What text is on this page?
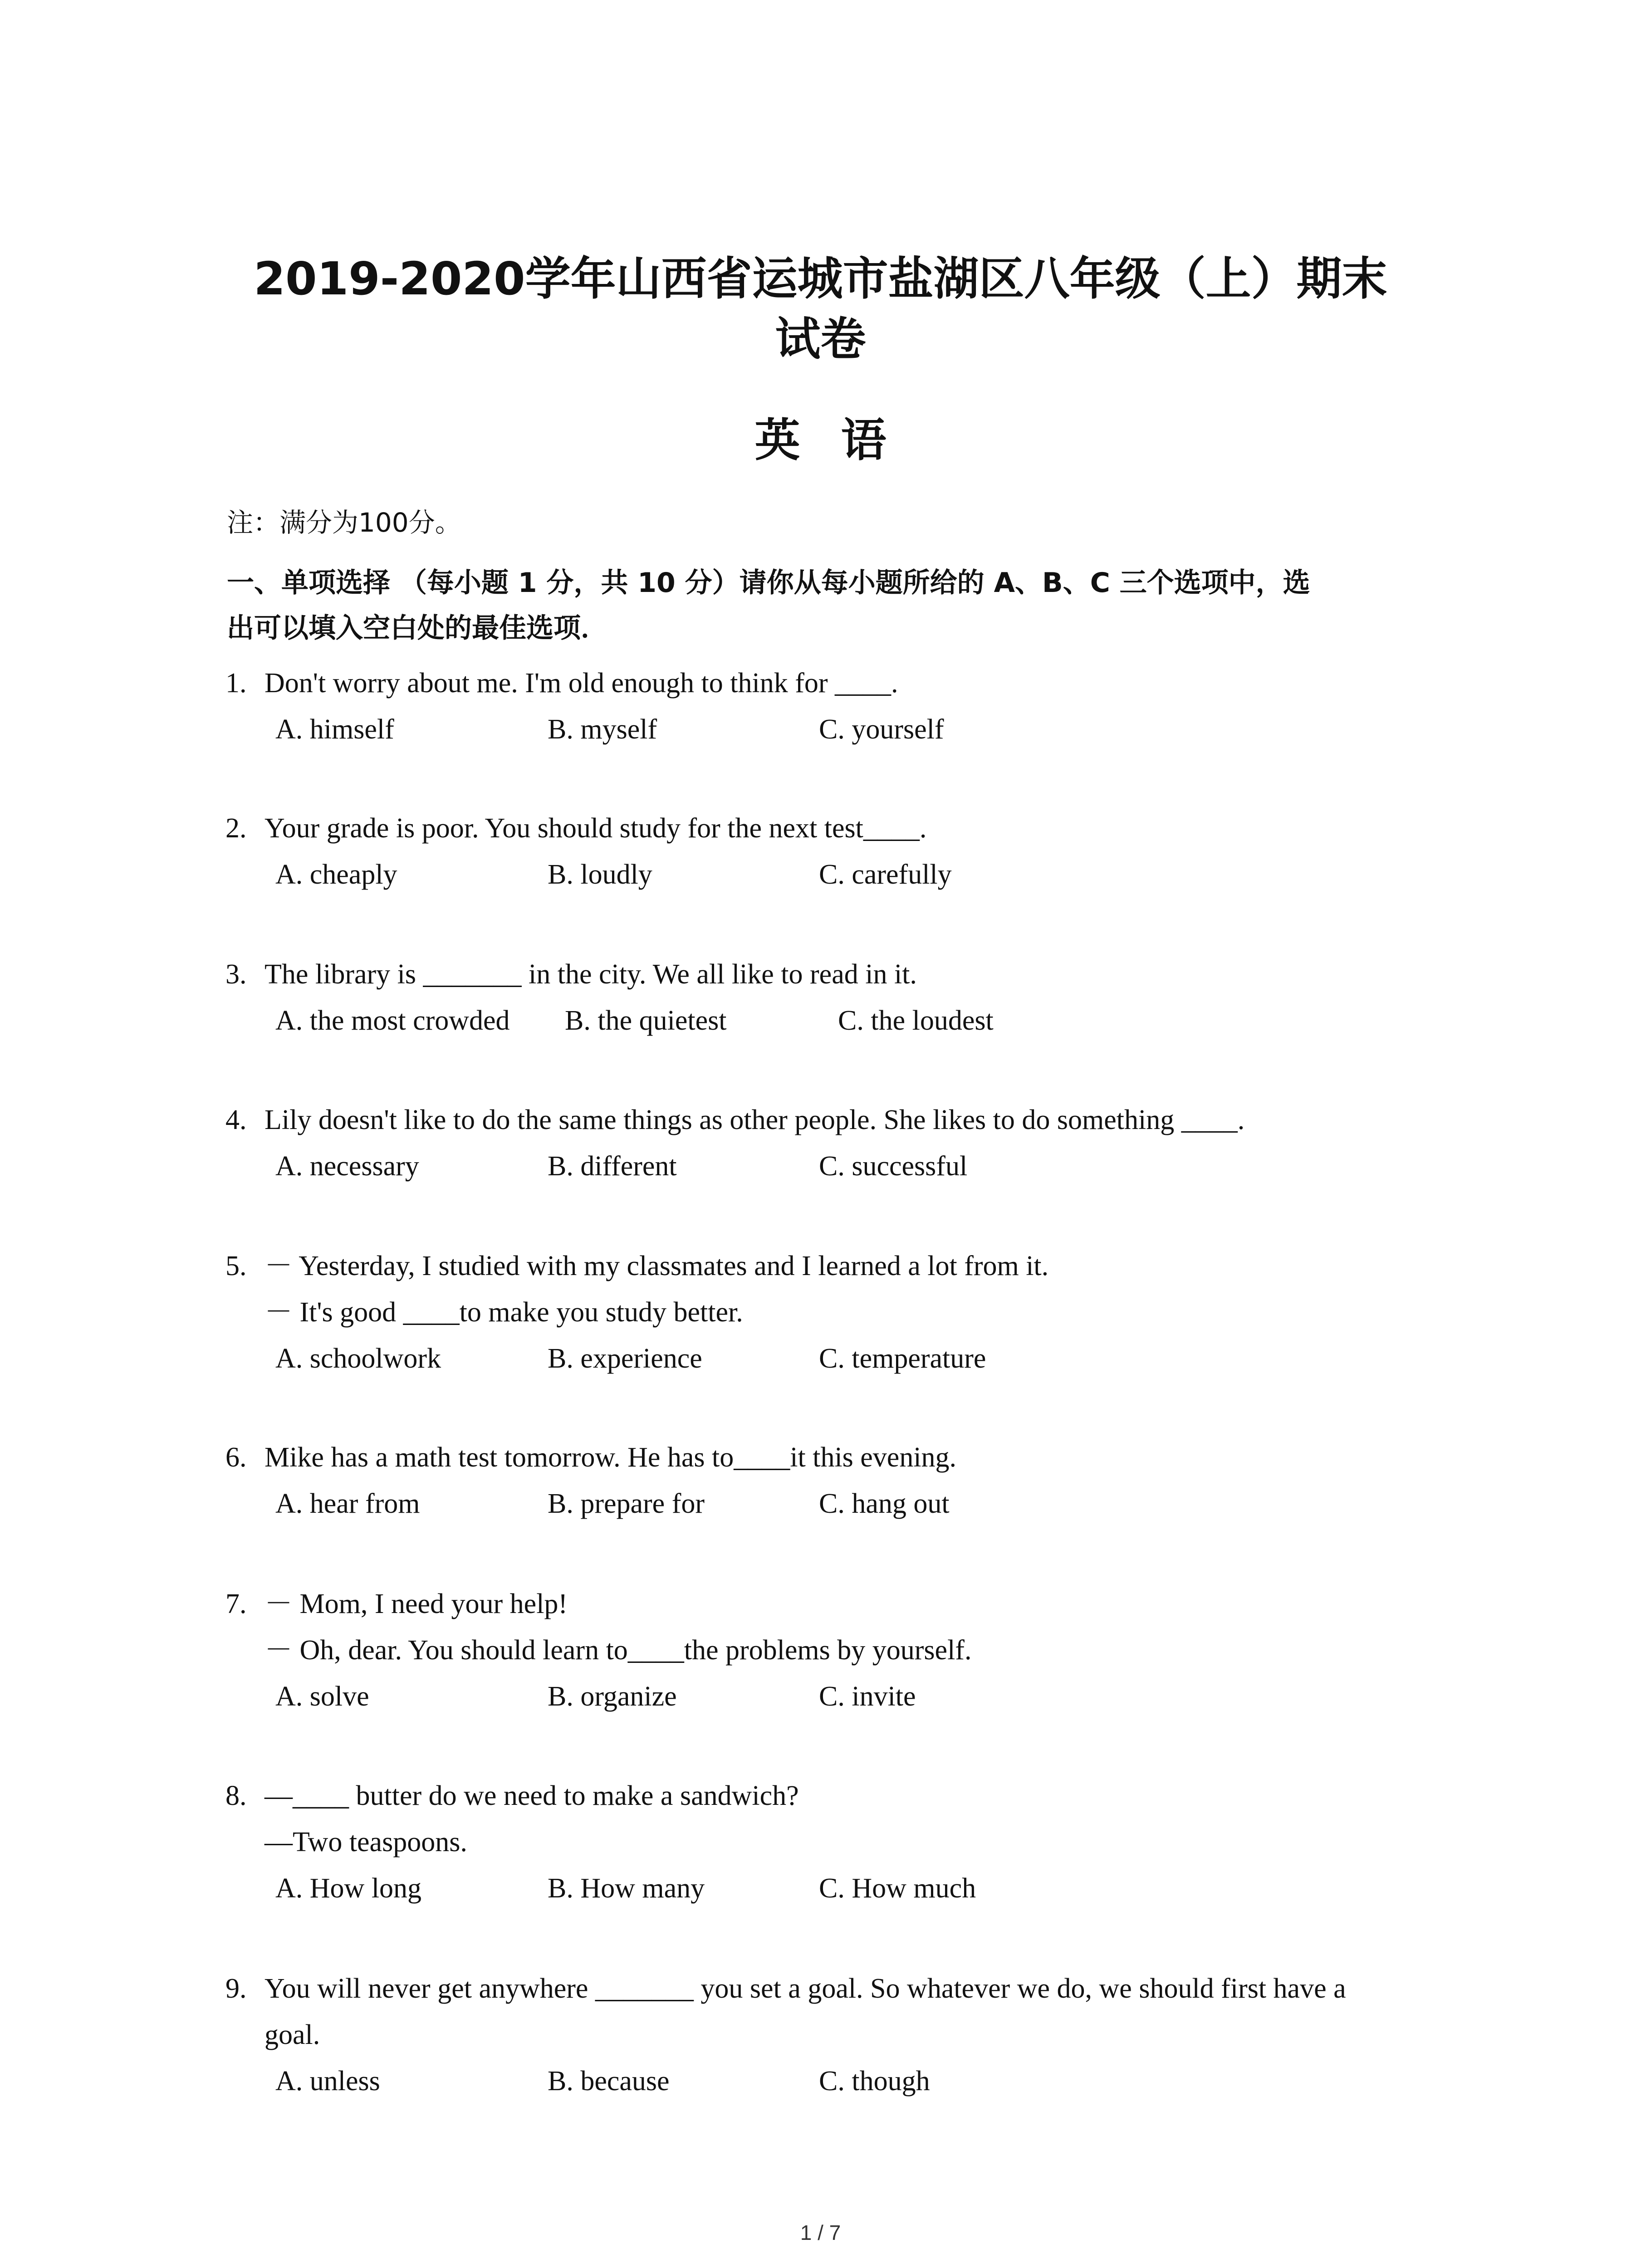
2019-2020学年山西省运城市盐湖区八年级（上）期末
试卷
英语
注：满分为100分。
一、单项选择 （每小题 1 分，共 10 分）请你从每小题所给的 A、B、C 三个选项中，选
出可以填入空白处的最佳选项．
1. Don't worry about me. I'm old enough to think for ____.
A. himself	B. myself	C. yourself
2. Your grade is poor. You should study for the next test____.
A. cheaply	B. loudly	C. carefully
3. The library is _______ in the city. We all like to read in it.
A. the most crowded B. the quietest	C. the loudest
4. Lily doesn't like to do the same things as other people. She likes to do something ____.
A. necessary	B. different	C. successful
5. － Yesterday, I studied with my classmates and I learned a lot from it.
－ It's good ____to make you study better.
A. schoolwork	B. experience	C. temperature
6. Mike has a math test tomorrow. He has to____it this evening.
A. hear from	B. prepare for	C. hang out
7. － Mom, I need your help!
－ Oh, dear. You should learn to____the problems by yourself.
A. solve	B. organize	C. invite
8. —____ butter do we need to make a sandwich?
—Two teaspoons.
A. How long	B. How many	C. How much
9. You will never get anywhere _______ you set a goal. So whatever we do, we should first have a
goal.
A. unless	B. because	C. though
1 / 7
